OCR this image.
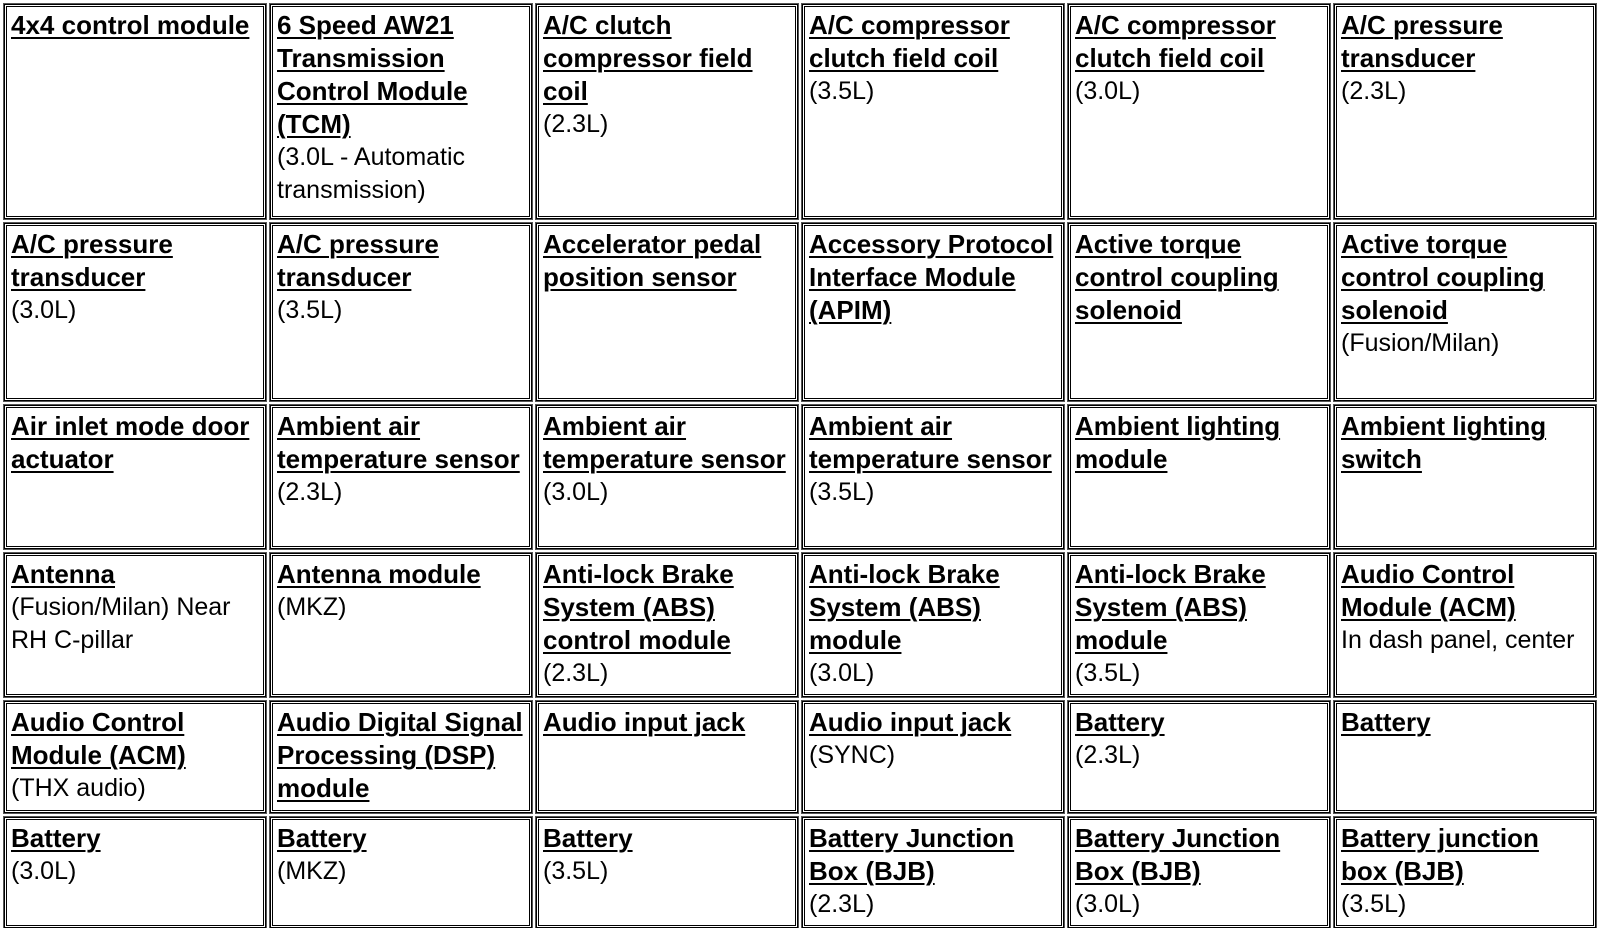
4x4 control module	6 Speed AW21 Transmission Control Module (TCM)
(3.0L - Automatic transmission)
A/C clutch compressor field coil
(2.3L)
A/C compressor clutch field coil
(3.5L)
A/C compressor clutch field coil
(3.0L)
A/C pressure transducer
(2.3L)
A/C pressure transducer
(3.0L)
A/C pressure transducer
(3.5L)
Accelerator pedal position sensor
Accessory Protocol Interface Module (APIM)
Active torque control coupling solenoid
Active torque control coupling solenoid
(Fusion/Milan)
Air inlet mode door actuator
Ambient air temperature sensor
(2.3L)
Ambient air temperature sensor
(3.0L)
Ambient air temperature sensor
(3.5L)
Ambient lighting module
Ambient lighting switch
Antenna
(Fusion/Milan) Near RH C-pillar
Antenna module
(MKZ)
Anti-lock Brake System (ABS) control module
(2.3L)
Anti-lock Brake System (ABS) module
(3.0L)
Anti-lock Brake System (ABS) module
(3.5L)
Audio Control Module (ACM)
In dash panel, center
Audio Control Module (ACM)
(THX audio)
Audio Digital Signal Processing (DSP) module
Audio input jack	Audio input jack
(SYNC)
Battery
(2.3L)
Battery
Battery
(3.0L)
Battery
(MKZ)
Battery
(3.5L)
Battery Junction Box (BJB)
(2.3L)
Battery Junction Box (BJB)
(3.0L)
Battery junction box (BJB)
(3.5L)
